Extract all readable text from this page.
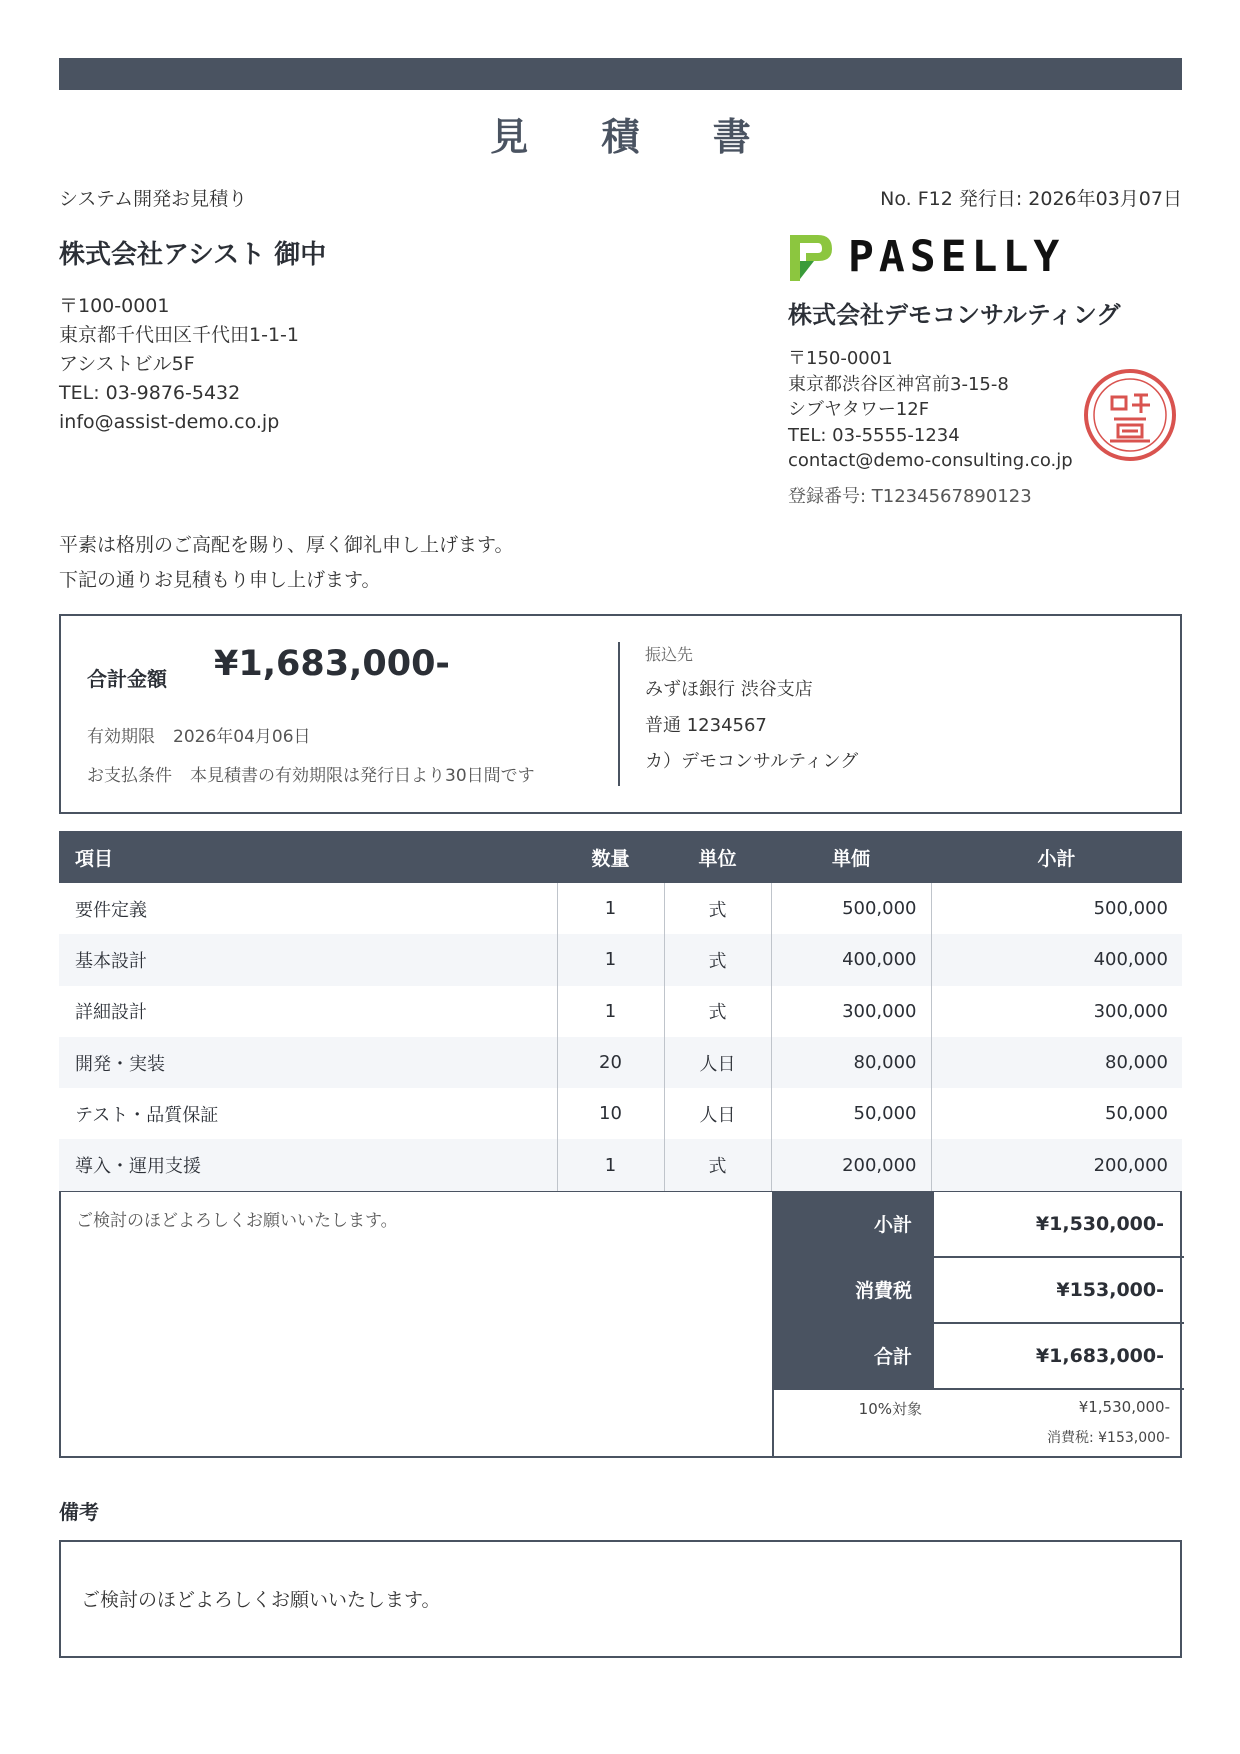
見 積 書
システム開発お見積り	No. F12 発行日: 2026年03月07日
株式会社アシスト 御中
〒100-0001
東京都千代田区千代田1-1-1
アシストビル5F
TEL: 03-9876-5432
info@assist-demo.co.jp
PASELLY
株式会社デモコンサルティング
〒150-0001
東京都渋谷区神宮前3-15-8
シブヤタワー12F
TEL: 03-5555-1234
contact@demo-consulting.co.jp
登録番号: T1234567890123
平素は格別のご高配を賜り、厚く御礼申し上げます。
下記の通りお見積もり申し上げます。
合計金額 ¥1,683,000-
有効期限 2026年04月06日
お支払条件 本見積書の有効期限は発行日より30日間です
振込先
みずほ銀行 渋谷支店
普通 1234567
カ）デモコンサルティング
項目	数量	単位	単価	小計
要件定義	1	式	500,000	500,000
基本設計	1	式	400,000	400,000
詳細設計	1	式	300,000	300,000
開発・実装	20	人日	80,000	80,000
テスト・品質保証	10	人日	50,000	50,000
導入・運用支援	1	式	200,000	200,000
ご検討のほどよろしくお願いいたします。	小計	¥1,530,000-
消費税	¥153,000-
合計	¥1,683,000-
10%対象	¥1,530,000-
消費税: ¥153,000-
備考
ご検討のほどよろしくお願いいたします。
